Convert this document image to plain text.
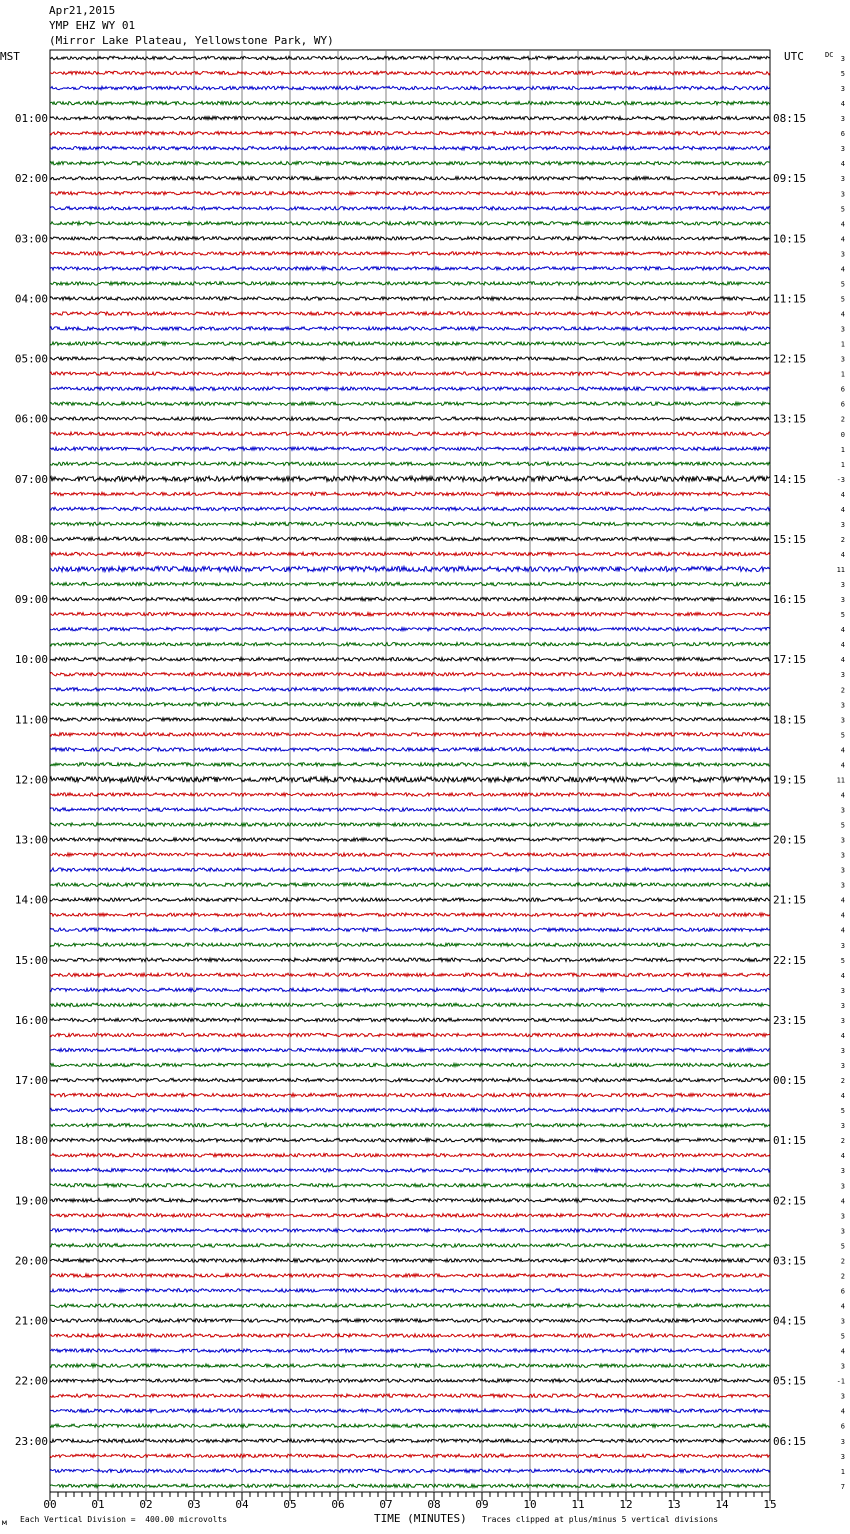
Apr21,2015
YMP EHZ WY 01
(Mirror Lake Plateau, Yellowstone Park, WY)
01:00	08:15
02:00	09:15
03:00	10:15
04:00	11:15
05:00	12:15
06:00	13:15
07:00	14:15
08:00	15:15
09:00	16:15
10:00	17:15
11:00	18:15
12:00	19:15
13:00	20:15
14:00	21:15
15:00	22:15
16:00	23:15
17:00	00:15
18:00	01:15
19:00	02:15
20:00	03:15
21:00	04:15
22:00	05:15
23:00	06:15
MST	UTC	DC 3
5
3
4
3
6
3
4
3
3
5
4
4
3
4
5
5
4
3
1
3
1
6
6
2
0
1
1
-3
4
4
3
2
4
11
3
3
5
4
4
4
3
2
3
3
5
4
4
11
4
3
5
3
3
3
3
4
4
4
3
5
4
3
3
3
4
3
3
2
4
5
3
2
4
3
3
4
3
3
5
2
2
6
4
3
5
4
3
-1
3
4
6
3
3
1
7
00	01	02	03	04	05	06	07	08	09	10	11	12	13	14	15
м Each Vertical Division =  400.00 microvolts	TIME (MINUTES) Traces clipped at plus/minus 5 vertical divisions
